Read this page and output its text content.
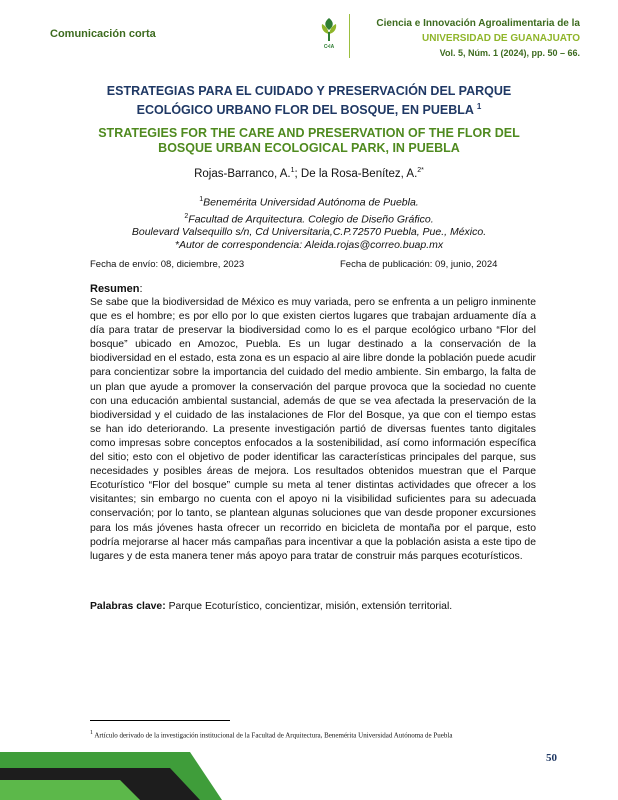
Comunicación corta
C•IA
Ciencia e Innovación Agroalimentaria de la
UNIVERSIDAD DE GUANAJUATO
Vol. 5, Núm. 1 (2024), pp. 50 – 66.
ESTRATEGIAS PARA EL CUIDADO Y PRESERVACIÓN DEL PARQUE ECOLÓGICO URBANO FLOR DEL BOSQUE, EN PUEBLA $^1$
STRATEGIES FOR THE CARE AND PRESERVATION OF THE FLOR DEL BOSQUE URBAN ECOLOGICAL PARK, IN PUEBLA
Rojas-Barranco, A.$^1$; De la Rosa-Benítez, A.$^{2*}$
$^1$Benemérita Universidad Autónoma de Puebla.
$^2$Facultad de Arquitectura. Colegio de Diseño Gráfico.
Boulevard Valsequillo s/n, Cd Universitaria,C.P.72570 Puebla, Pue., México.
*Autor de correspondencia: Aleida.rojas@correo.buap.mx
Fecha de envío: 08, diciembre, 2023	Fecha de publicación: 09, junio, 2024
Resumen:
Se sabe que la biodiversidad de México es muy variada, pero se enfrenta a un peligro inminente que es el hombre; es por ello por lo que existen ciertos lugares que trabajan arduamente día a día para tratar de preservar la biodiversidad como lo es el parque ecológico urbano “Flor del bosque” ubicado en Amozoc, Puebla. Es un lugar destinado a la conservación de la biodiversidad en el estado, esta zona es un espacio al aire libre donde la población puede acudir para concientizar sobre la importancia del cuidado del medio ambiente. Sin embargo, la falta de un plan que ayude a promover la conservación del parque provoca que la sociedad no cuente con una educación ambiental sustancial, además de que se vea afectada la preservación de la biodiversidad y el cuidado de las instalaciones de Flor del Bosque, ya que con el tiempo estas se han ido deteriorando. La presente investigación partió de diversas fuentes tanto digitales como impresas sobre conceptos enfocados a la sostenibilidad, así como información específica del sitio; esto con el objetivo de poder identificar las características principales del parque, sus necesidades y posibles áreas de mejora. Los resultados obtenidos muestran que el Parque Ecoturístico “Flor del bosque” cumple su meta al tener distintas actividades que ofrecer a los visitantes; sin embargo no cuenta con el apoyo ni la visibilidad suficientes para su adecuada conservación; por lo tanto, se plantean algunas soluciones que van desde proponer excursiones para los más jóvenes hasta ofrecer un recorrido en bicicleta de montaña por el parque, esto podría mejorarse al hacer más campañas para incentivar a que la población asista a este tipo de lugares y de esta manera tener más apoyo para tratar de construir más parques ecoturísticos.
Palabras clave: Parque Ecoturístico, concientizar, misión, extensión territorial.
$^1$ Artículo derivado de la investigación institucional de la Facultad de Arquitectura, Benemérita Universidad Autónoma de Puebla
50
